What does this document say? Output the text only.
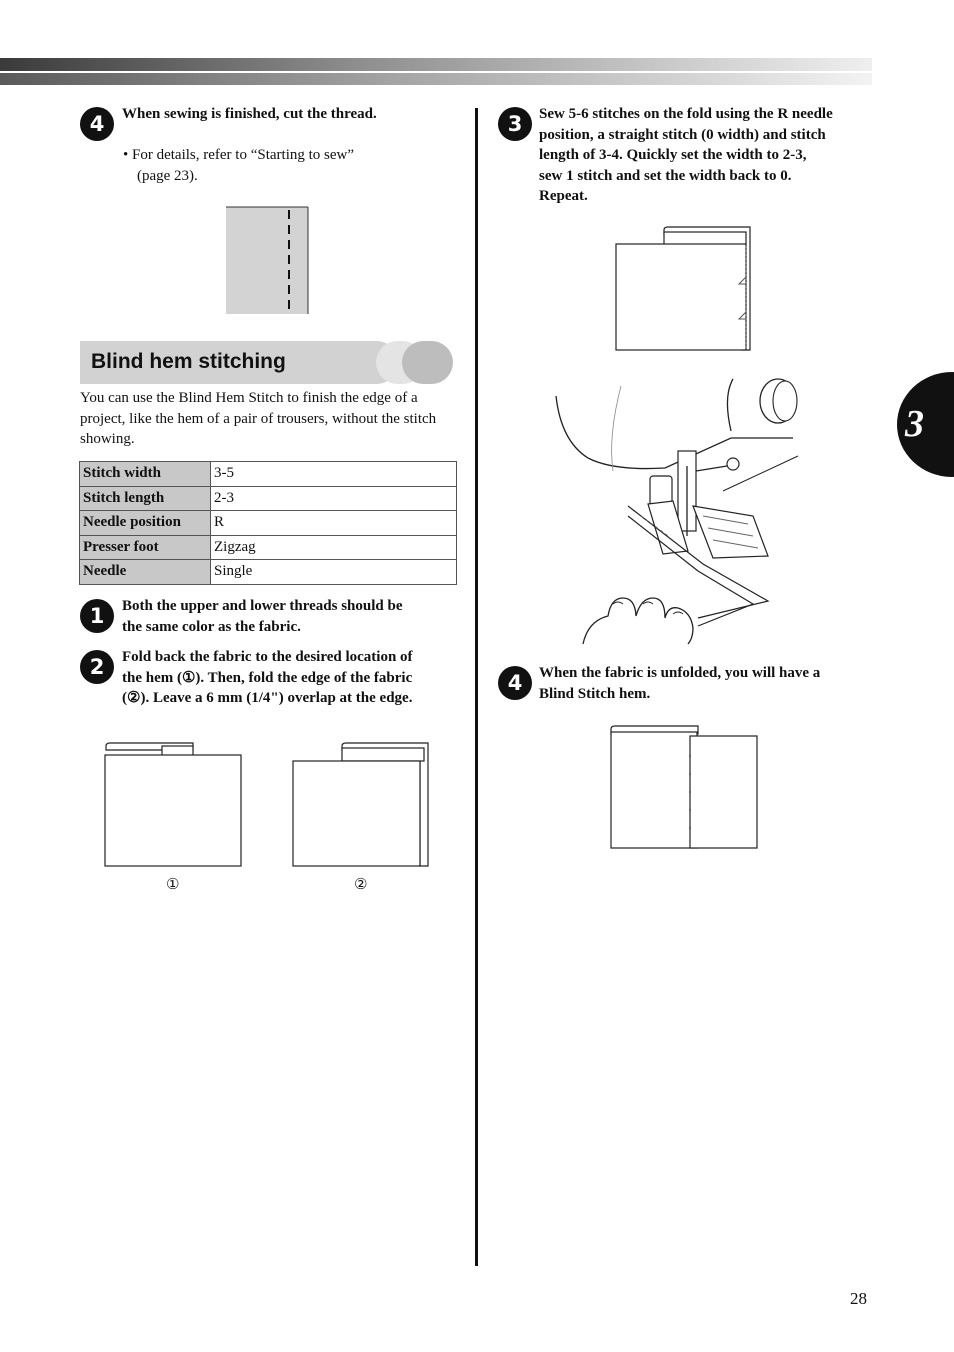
4 When sewing is finished, cut the thread.
• For details, refer to “Starting to sew”
(page 23).
Blind hem stitching
You can use the Blind Hem Stitch to finish the edge of a project, like the hem of a pair of trousers, without the stitch showing.
Stitch width	3-5
Stitch length	2-3
Needle position	R
Presser foot	Zigzag
Needle	Single
1 Both the upper and lower threads should be
the same color as the fabric.
2 Fold back the fabric to the desired location of
the hem (①). Then, fold the edge of the fabric
(②). Leave a 6 mm (1/4") overlap at the edge.
①	②
3 Sew 5-6 stitches on the fold using the R needle
position, a straight stitch (0 width) and stitch
length of 3-4. Quickly set the width to 2-3,
sew 1 stitch and set the width back to 0.
Repeat.
4 When the fabric is unfolded, you will have a
Blind Stitch hem.
3
28
